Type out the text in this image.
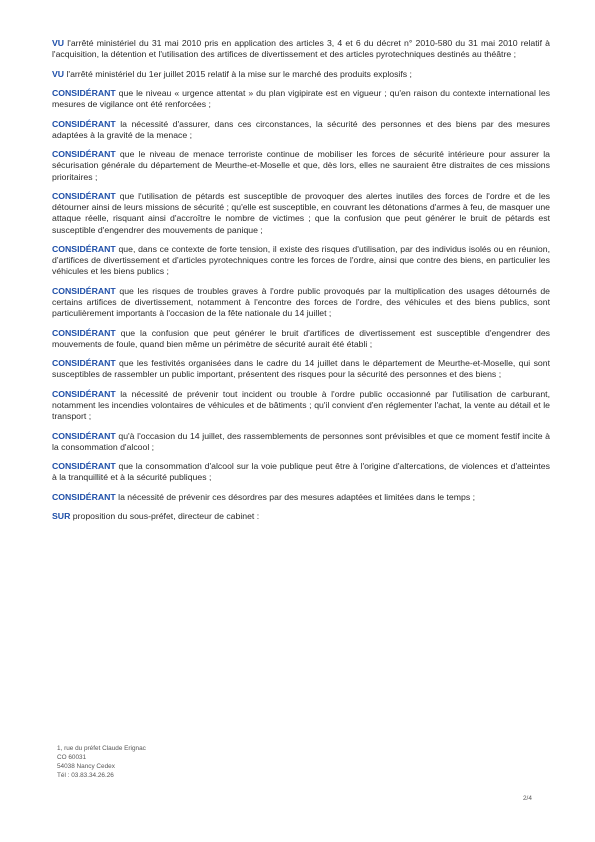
VU l'arrêté ministériel du 31 mai 2010 pris en application des articles 3, 4 et 6 du décret n° 2010-580 du 31 mai 2010 relatif à l'acquisition, la détention et l'utilisation des artifices de divertissement et des articles pyrotechniques destinés au théâtre ;

VU l'arrêté ministériel du 1er juillet 2015 relatif à la mise sur le marché des produits explosifs ;

CONSIDÉRANT que le niveau « urgence attentat » du plan vigipirate est en vigueur ; qu'en raison du contexte international les mesures de vigilance ont été renforcées ;

CONSIDÉRANT la nécessité d'assurer, dans ces circonstances, la sécurité des personnes et des biens par des mesures adaptées à la gravité de la menace ;

CONSIDÉRANT que le niveau de menace terroriste continue de mobiliser les forces de sécurité intérieure pour assurer la sécurisation générale du département de Meurthe-et-Moselle et que, dès lors, elles ne sauraient être distraites de ces missions prioritaires ;

CONSIDÉRANT que l'utilisation de pétards est susceptible de provoquer des alertes inutiles des forces de l'ordre et de les détourner ainsi de leurs missions de sécurité ; qu'elle est susceptible, en couvrant les détonations d'armes à feu, de masquer une attaque réelle, risquant ainsi d'accroître le nombre de victimes ; que la confusion que peut générer le bruit de pétards est susceptible d'engendrer des mouvements de panique ;

CONSIDÉRANT que, dans ce contexte de forte tension, il existe des risques d'utilisation, par des individus isolés ou en réunion, d'artifices de divertissement et d'articles pyrotechniques contre les forces de l'ordre, ainsi que contre des biens, en particulier les véhicules et les biens publics ;

CONSIDÉRANT que les risques de troubles graves à l'ordre public provoqués par la multiplication des usages détournés de certains artifices de divertissement, notamment à l'encontre des forces de l'ordre, des véhicules et des biens publics, sont particulièrement importants à l'occasion de la fête nationale du 14 juillet ;

CONSIDÉRANT que la confusion que peut générer le bruit d'artifices de divertissement est susceptible d'engendrer des mouvements de foule, quand bien même un périmètre de sécurité aurait été établi ;

CONSIDÉRANT que les festivités organisées dans le cadre du 14 juillet dans le département de Meurthe-et-Moselle, qui sont susceptibles de rassembler un public important, présentent des risques pour la sécurité des personnes et des biens ;

CONSIDÉRANT la nécessité de prévenir tout incident ou trouble à l'ordre public occasionné par l'utilisation de carburant, notamment les incendies volontaires de véhicules et de bâtiments ; qu'il convient d'en réglementer l'achat, la vente au détail et le transport ;

CONSIDÉRANT qu'à l'occasion du 14 juillet, des rassemblements de personnes sont prévisibles et que ce moment festif incite à la consommation d'alcool ;

CONSIDÉRANT que la consommation d'alcool sur la voie publique peut être à l'origine d'altercations, de violences et d'atteintes à la tranquillité et à la sécurité publiques ;

CONSIDÉRANT la nécessité de prévenir ces désordres par des mesures adaptées et limitées dans le temps ;

SUR proposition du sous-préfet, directeur de cabinet :

1, rue du préfet Claude Erignac
CO 60031
54038 Nancy Cedex
Tél : 03.83.34.26.26
2/4
